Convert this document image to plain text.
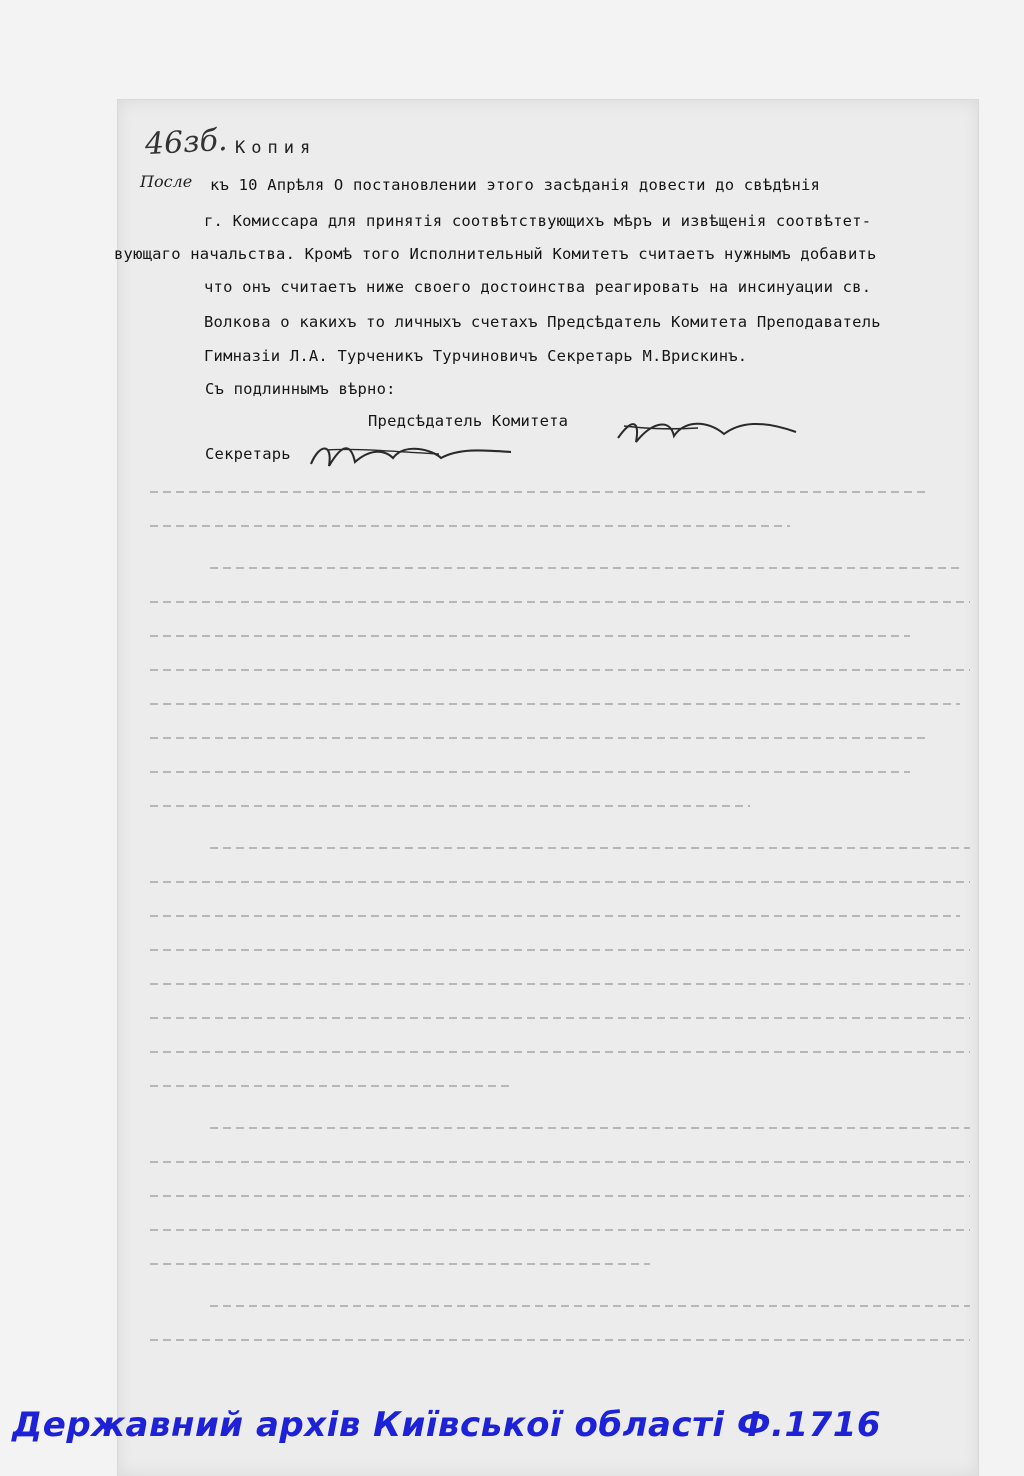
46зб. Копия
После къ 10 Апрѣля О постановлении этого засѣданія довести до свѣдѣнія
г. Комиссара для принятія соотвѣтствующихъ мѣръ и извѣщенія соотвѣтет-
вующаго начальства. Кромѣ того Исполнительный Комитетъ считаетъ нужнымъ добавить
что онъ считаетъ ниже своего достоинства реагировать на инсинуации св.
Волкова о какихъ то личныхъ счетахъ Предсѣдатель Комитета Преподаватель
Гимназіи Л.А. Турченикъ Турчиновичъ Секретарь М.Врискинъ.
Съ подлиннымъ вѣрно:
Предсѣдатель Комитета
Секретарь
Державний архів Київської області Ф.1716
